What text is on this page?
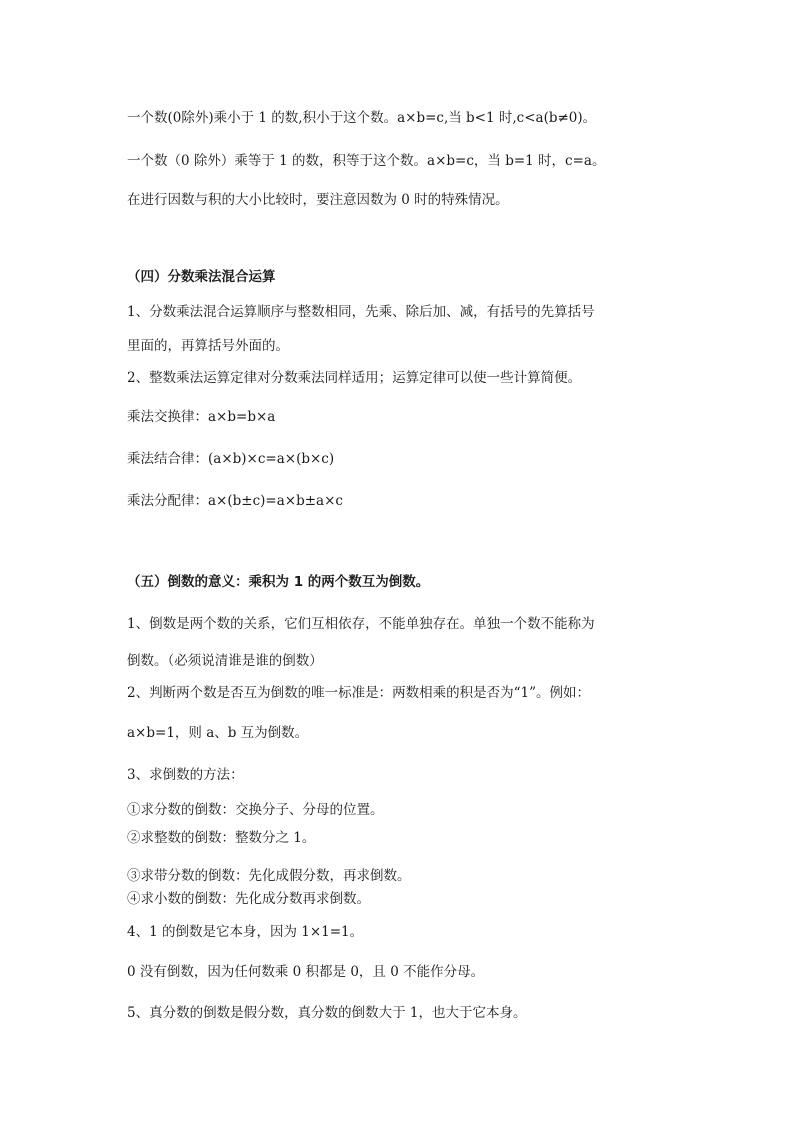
一个数(0除外)乘小于 1 的数,积小于这个数。a×b=c,当 b<1 时,c<a(b≠0)。
一个数（0 除外）乘等于 1 的数，积等于这个数。a×b=c，当 b=1 时，c=a。
在进行因数与积的大小比较时，要注意因数为 0 时的特殊情况。
（四）分数乘法混合运算
1、分数乘法混合运算顺序与整数相同，先乘、除后加、减，有括号的先算括号
里面的，再算括号外面的。
2、整数乘法运算定律对分数乘法同样适用；运算定律可以使一些计算简便。
乘法交换律：a×b=b×a
乘法结合律：(a×b)×c=a×(b×c)
乘法分配律：a×(b±c)=a×b±a×c
（五）倒数的意义：乘积为 1 的两个数互为倒数。
1、倒数是两个数的关系，它们互相依存，不能单独存在。单独一个数不能称为
倒数。（必须说清谁是谁的倒数）
2、判断两个数是否互为倒数的唯一标准是：两数相乘的积是否为“1”。例如：
a×b=1，则 a、b 互为倒数。
3、求倒数的方法：
①求分数的倒数：交换分子、分母的位置。
②求整数的倒数：整数分之 1。
③求带分数的倒数：先化成假分数，再求倒数。
④求小数的倒数：先化成分数再求倒数。
4、1 的倒数是它本身，因为 1×1=1。
0 没有倒数，因为任何数乘 0 积都是 0，且 0 不能作分母。
5、真分数的倒数是假分数，真分数的倒数大于 1，也大于它本身。
